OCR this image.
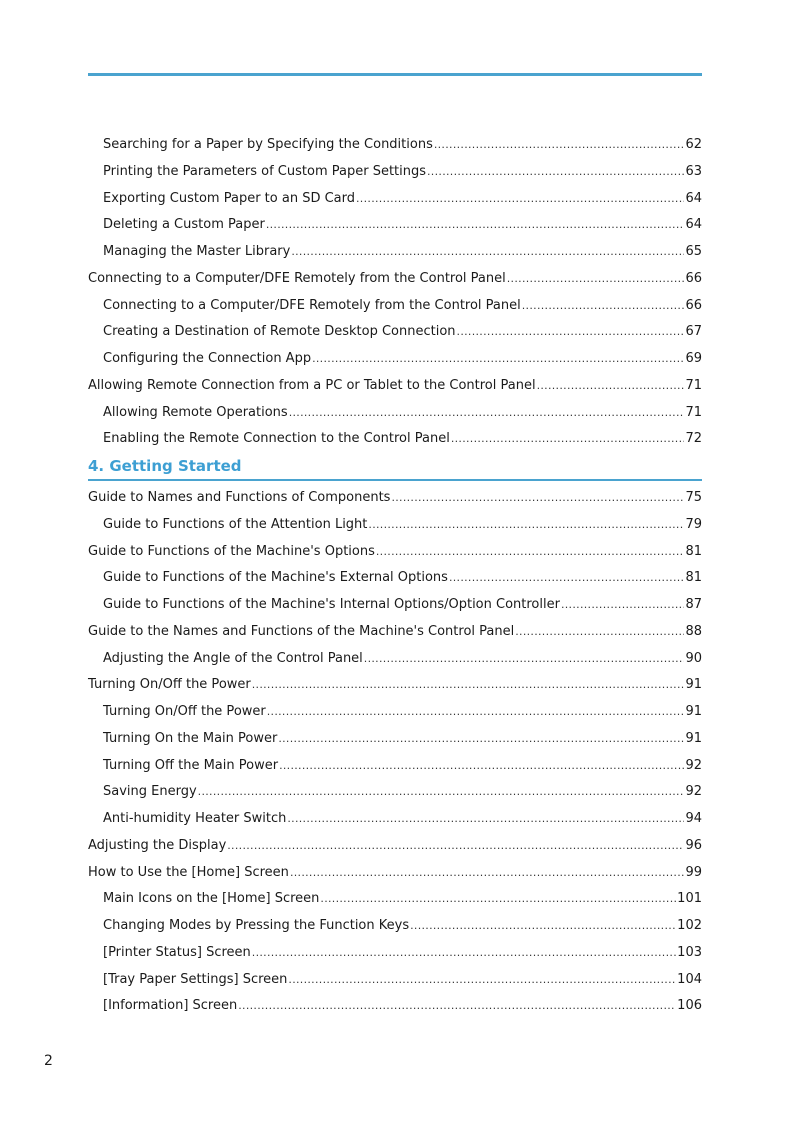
Searching for a Paper by Specifying the Conditions .....	62
Printing the Parameters of Custom Paper Settings .....	63
Exporting Custom Paper to an SD Card .....	64
Deleting a Custom Paper .....	64
Managing the Master Library .....	65
Connecting to a Computer/DFE Remotely from the Control Panel .....	66
Connecting to a Computer/DFE Remotely from the Control Panel .....	66
Creating a Destination of Remote Desktop Connection .....	67
Configuring the Connection App .....	69
Allowing Remote Connection from a PC or Tablet to the Control Panel .....	71
Allowing Remote Operations .....	71
Enabling the Remote Connection to the Control Panel .....	72
4. Getting Started
Guide to Names and Functions of Components .....	75
Guide to Functions of the Attention Light .....	79
Guide to Functions of the Machine's Options .....	81
Guide to Functions of the Machine's External Options .....	81
Guide to Functions of the Machine's Internal Options/Option Controller .....	87
Guide to the Names and Functions of the Machine's Control Panel .....	88
Adjusting the Angle of the Control Panel .....	90
Turning On/Off the Power .....	91
Turning On/Off the Power .....	91
Turning On the Main Power .....	91
Turning Off the Main Power .....	92
Saving Energy .....	92
Anti-humidity Heater Switch .....	94
Adjusting the Display .....	96
How to Use the [Home] Screen .....	99
Main Icons on the [Home] Screen .....	101
Changing Modes by Pressing the Function Keys .....	102
[Printer Status] Screen .....	103
[Tray Paper Settings] Screen .....	104
[Information] Screen .....	106
2
